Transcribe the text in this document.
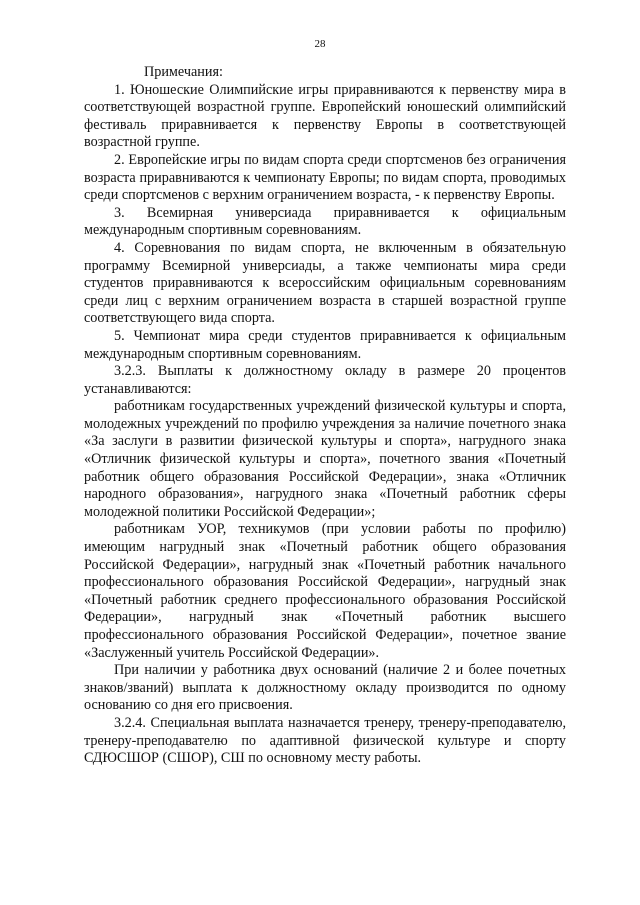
28

Примечания:

1. Юношеские Олимпийские игры приравниваются к первенству мира в соответствующей возрастной группе. Европейский юношеский олимпийский фестиваль приравнивается к первенству Европы в соответствующей возрастной группе.

2. Европейские игры по видам спорта среди спортсменов без ограничения возраста приравниваются к чемпионату Европы; по видам спорта, проводимых среди спортсменов с верхним ограничением возраста, - к первенству Европы.

3. Всемирная универсиада приравнивается к официальным международным спортивным соревнованиям.

4. Соревнования по видам спорта, не включенным в обязательную программу Всемирной универсиады, а также чемпионаты мира среди студентов приравниваются к всероссийским официальным соревнованиям среди лиц с верхним ограничением возраста в старшей возрастной группе соответствующего вида спорта.

5. Чемпионат мира среди студентов приравнивается к официальным международным спортивным соревнованиям.

3.2.3. Выплаты к должностному окладу в размере 20 процентов устанавливаются:

работникам государственных учреждений физической культуры и спорта, молодежных учреждений по профилю учреждения за наличие почетного знака «За заслуги в развитии физической культуры и спорта», нагрудного знака «Отличник физической культуры и спорта», почетного звания «Почетный работник общего образования Российской Федерации», знака «Отличник народного образования», нагрудного знака «Почетный работник сферы молодежной политики Российской Федерации»;

работникам УОР, техникумов (при условии работы по профилю) имеющим нагрудный знак «Почетный работник общего образования Российской Федерации», нагрудный знак «Почетный работник начального профессионального образования Российской Федерации», нагрудный знак «Почетный работник среднего профессионального образования Российской Федерации», нагрудный знак «Почетный работник высшего профессионального образования Российской Федерации», почетное звание «Заслуженный учитель Российской Федерации».

При наличии у работника двух оснований (наличие 2 и более почетных знаков/званий) выплата к должностному окладу производится по одному основанию со дня его присвоения.

3.2.4. Специальная выплата назначается тренеру, тренеру-преподавателю, тренеру-преподавателю по адаптивной физической культуре и спорту СДЮСШОР (СШОР), СШ по основному месту работы.
